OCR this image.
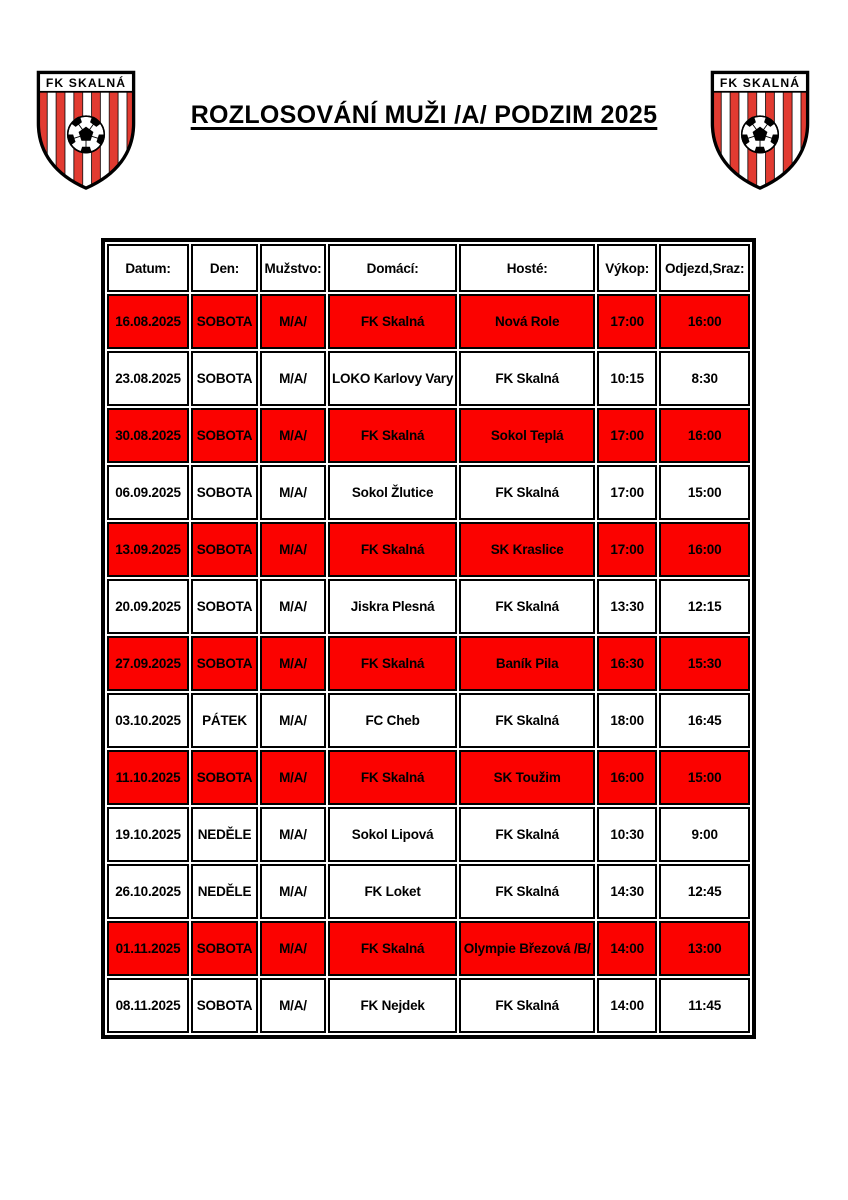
FK SKALNÁ
ROZLOSOVÁNÍ MUŽI /A/ PODZIM 2025
FK SKALNÁ
Datum:	Den:	Mužstvo:	Domácí:	Hosté:	Výkop:	Odjezd,Sraz:
16.08.2025	SOBOTA	M/A/	FK Skalná	Nová Role	17:00	16:00
23.08.2025	SOBOTA	M/A/	LOKO Karlovy Vary	FK Skalná	10:15	8:30
30.08.2025	SOBOTA	M/A/	FK Skalná	Sokol Teplá	17:00	16:00
06.09.2025	SOBOTA	M/A/	Sokol Žlutice	FK Skalná	17:00	15:00
13.09.2025	SOBOTA	M/A/	FK Skalná	SK Kraslice	17:00	16:00
20.09.2025	SOBOTA	M/A/	Jiskra Plesná	FK Skalná	13:30	12:15
27.09.2025	SOBOTA	M/A/	FK Skalná	Baník Pila	16:30	15:30
03.10.2025	PÁTEK	M/A/	FC Cheb	FK Skalná	18:00	16:45
11.10.2025	SOBOTA	M/A/	FK Skalná	SK Toužim	16:00	15:00
19.10.2025	NEDĚLE	M/A/	Sokol Lipová	FK Skalná	10:30	9:00
26.10.2025	NEDĚLE	M/A/	FK Loket	FK Skalná	14:30	12:45
01.11.2025	SOBOTA	M/A/	FK Skalná	Olympie Březová /B/	14:00	13:00
08.11.2025	SOBOTA	M/A/	FK Nejdek	FK Skalná	14:00	11:45
